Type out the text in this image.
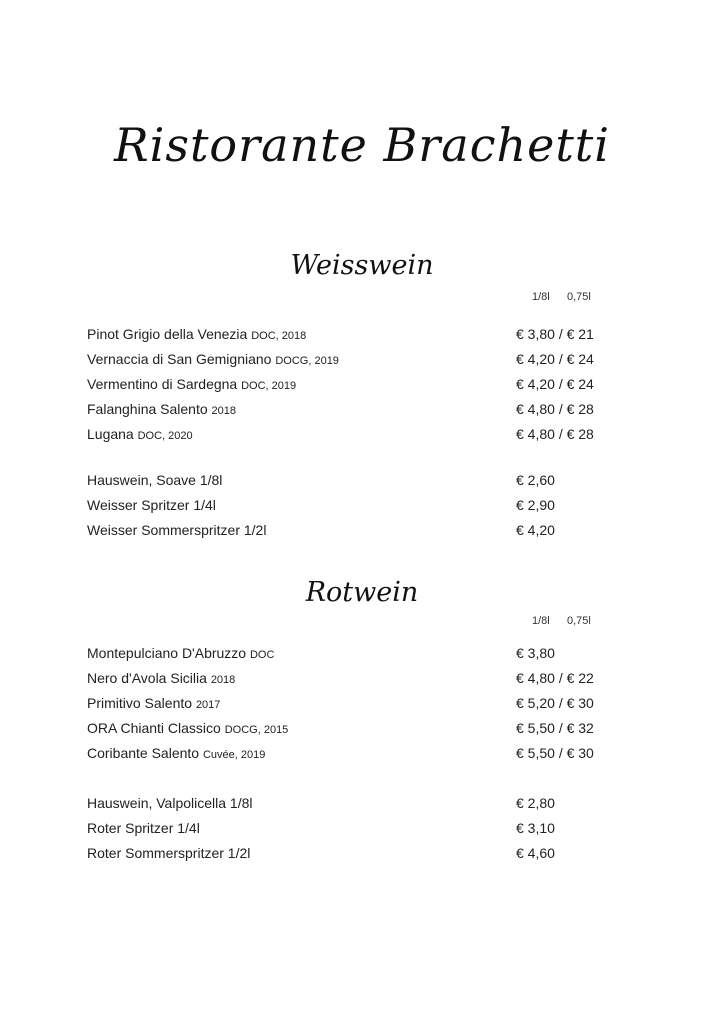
Ristorante Brachetti
Weisswein
1/8l 0,75l
Pinot Grigio della Venezia DOC, 2018	€ 3,80 / € 21
Vernaccia di San Gemigniano DOCG, 2019	€ 4,20 / € 24
Vermentino di Sardegna DOC, 2019	€ 4,20 / € 24
Falanghina Salento 2018	€ 4,80 / € 28
Lugana DOC, 2020	€ 4,80 / € 28
Hauswein, Soave 1/8l	€ 2,60
Weisser Spritzer 1/4l	€ 2,90
Weisser Sommerspritzer 1/2l	€ 4,20
Rotwein
1/8l 0,75l
Montepulciano D'Abruzzo DOC	€ 3,80
Nero d'Avola Sicilia 2018	€ 4,80 / € 22
Primitivo Salento 2017	€ 5,20 / € 30
ORA Chianti Classico DOCG, 2015	€ 5,50 / € 32
Coribante Salento Cuvée, 2019	€ 5,50 / € 30
Hauswein, Valpolicella 1/8l	€ 2,80
Roter Spritzer 1/4l	€ 3,10
Roter Sommerspritzer 1/2l	€ 4,60
